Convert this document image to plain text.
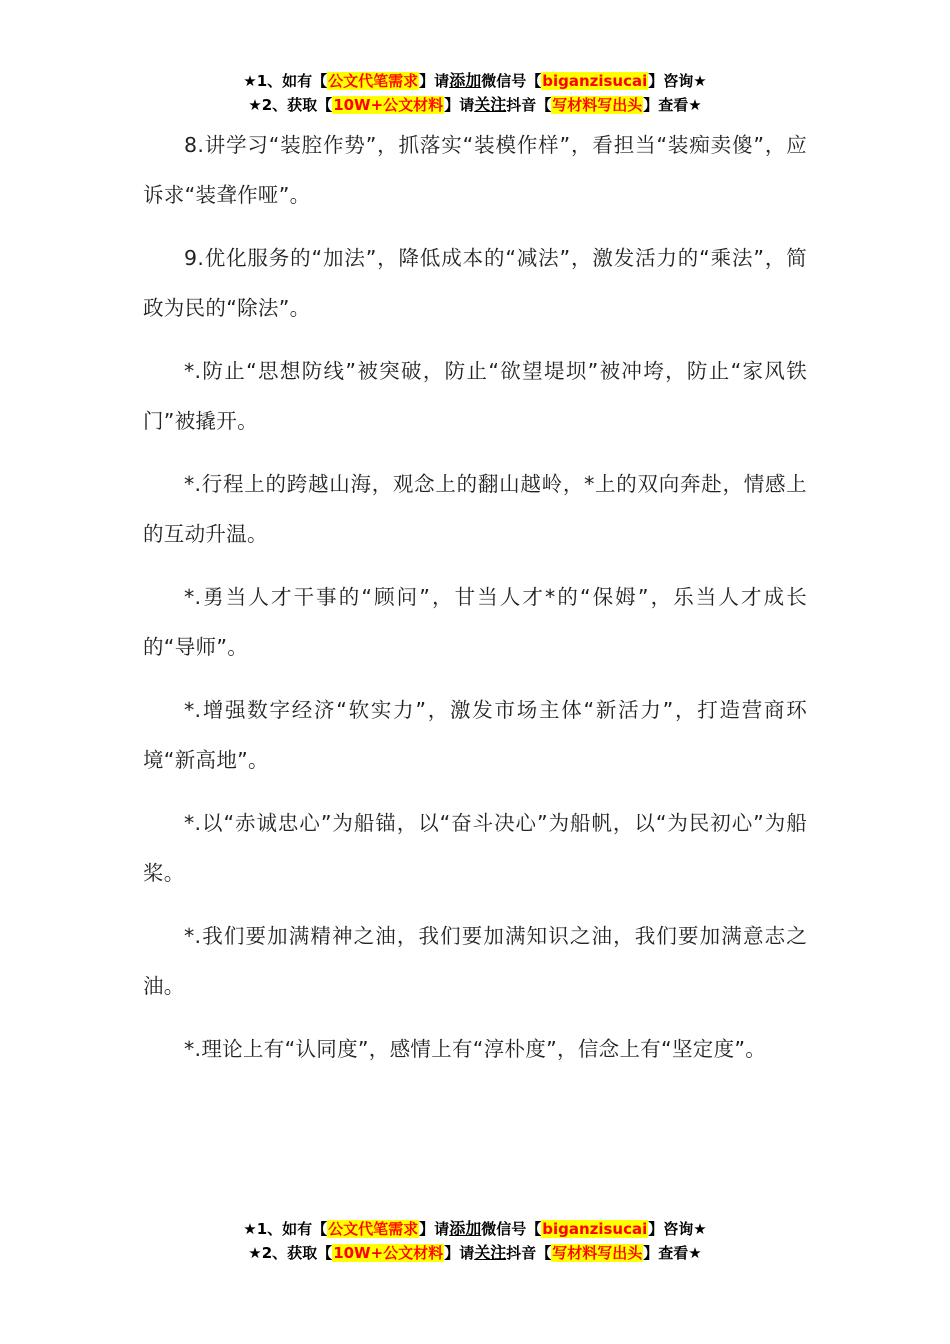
★1、如有【公文代笔需求】请添加微信号【biganzisucai】咨询★
★2、获取【10W+公文材料】请关注抖音【写材料写出头】查看★

8.讲学习“装腔作势”，抓落实“装模作样”，看担当“装痴卖傻”，应诉求“装聋作哑”。

9.优化服务的“加法”，降低成本的“减法”，激发活力的“乘法”，简政为民的“除法”。

*.防止“思想防线”被突破，防止“欲望堤坝”被冲垮，防止“家风铁门”被撬开。

*.行程上的跨越山海，观念上的翻山越岭，*上的双向奔赴，情感上的互动升温。

*.勇当人才干事的“顾问”，甘当人才*的“保姆”，乐当人才成长的“导师”。

*.增强数字经济“软实力”，激发市场主体“新活力”，打造营商环境“新高地”。

*.以“赤诚忠心”为船锚，以“奋斗决心”为船帆，以“为民初心”为船桨。

*.我们要加满精神之油，我们要加满知识之油，我们要加满意志之油。

*.理论上有“认同度”，感情上有“淳朴度”，信念上有“坚定度”。

★1、如有【公文代笔需求】请添加微信号【biganzisucai】咨询★
★2、获取【10W+公文材料】请关注抖音【写材料写出头】查看★
